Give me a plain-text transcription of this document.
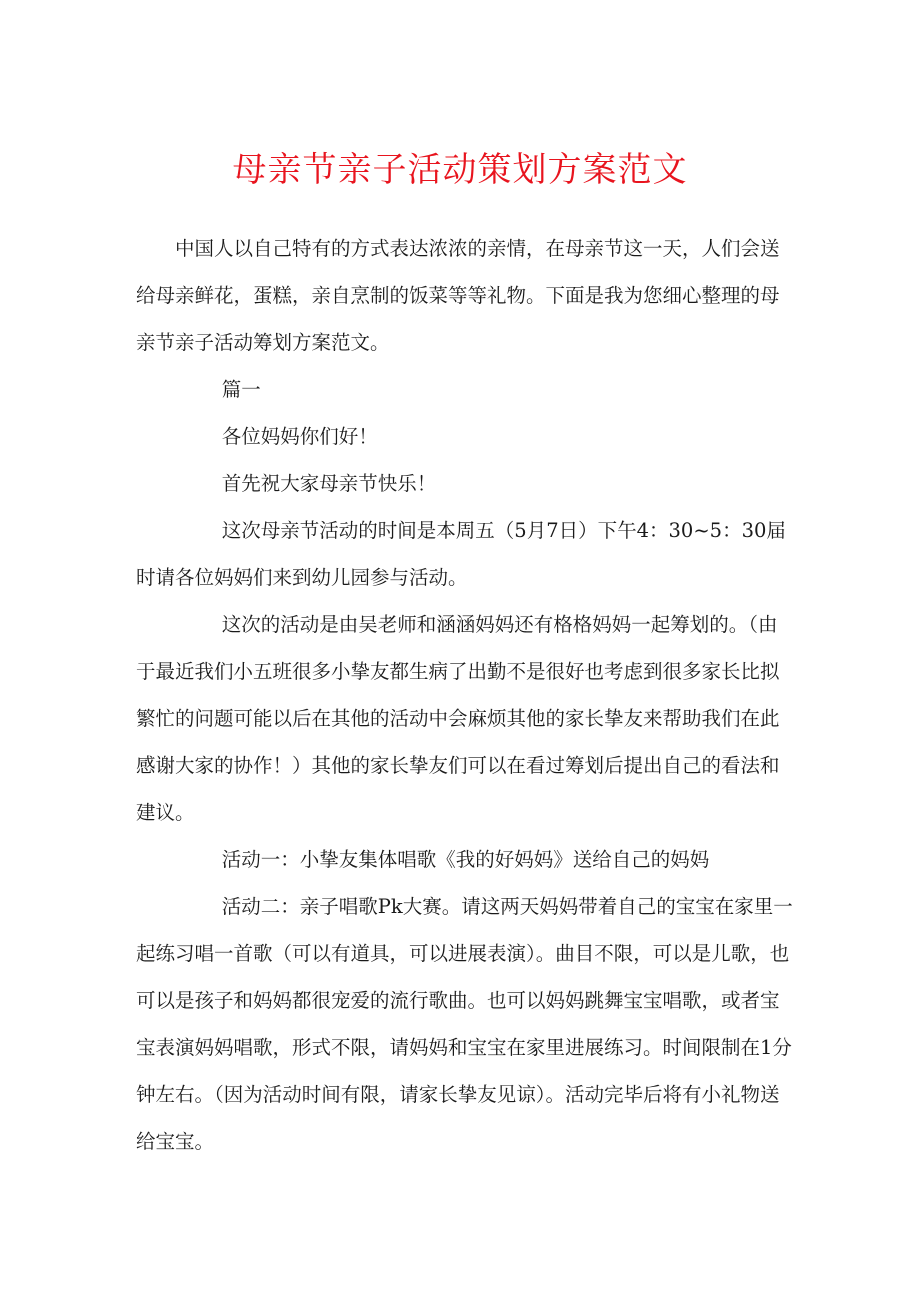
母亲节亲子活动策划方案范文

中国人以自己特有的方式表达浓浓的亲情，在母亲节这一天，人们会送给母亲鲜花，蛋糕，亲自烹制的饭菜等等礼物。下面是我为您细心整理的母亲节亲子活动筹划方案范文。

篇一

各位妈妈你们好！

首先祝大家母亲节快乐！

这次母亲节活动的时间是本周五（5月7日）下午4：30~5：30届时请各位妈妈们来到幼儿园参与活动。

这次的活动是由吴老师和涵涵妈妈还有格格妈妈一起筹划的。（由于最近我们小五班很多小挚友都生病了出勤不是很好也考虑到很多家长比拟繁忙的问题可能以后在其他的活动中会麻烦其他的家长挚友来帮助我们在此感谢大家的协作！）其他的家长挚友们可以在看过筹划后提出自己的看法和建议。

活动一：小挚友集体唱歌《我的好妈妈》送给自己的妈妈

活动二：亲子唱歌Pk大赛。请这两天妈妈带着自己的宝宝在家里一起练习唱一首歌（可以有道具，可以进展表演）。曲目不限，可以是儿歌，也可以是孩子和妈妈都很宠爱的流行歌曲。也可以妈妈跳舞宝宝唱歌，或者宝宝表演妈妈唱歌，形式不限，请妈妈和宝宝在家里进展练习。时间限制在1分钟左右。（因为活动时间有限，请家长挚友见谅）。活动完毕后将有小礼物送给宝宝。
